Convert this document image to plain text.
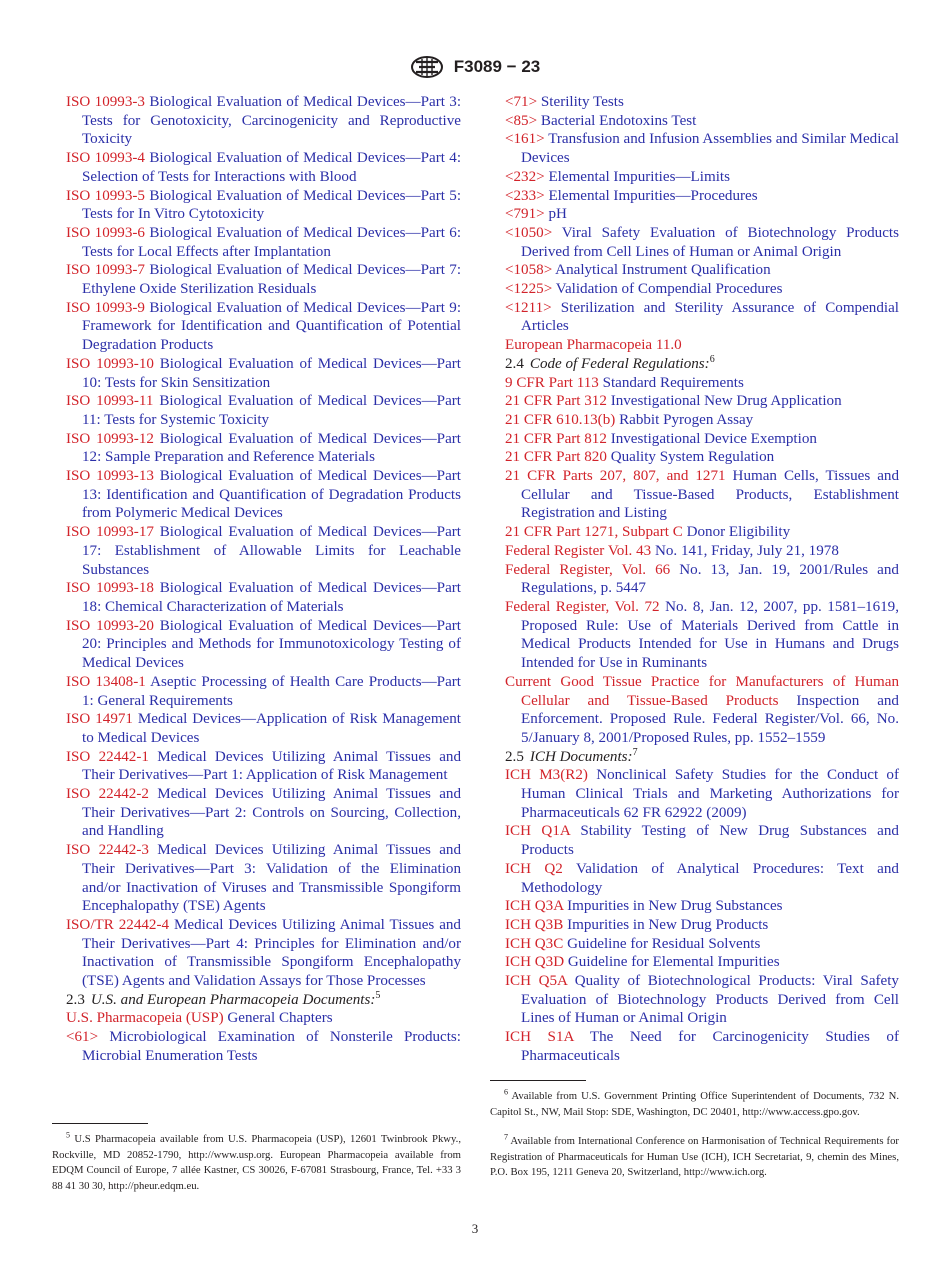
F3089 − 23
ISO 10993-3 Biological Evaluation of Medical Devices—Part 3: Tests for Genotoxicity, Carcinogenicity and Reproductive Toxicity
ISO 10993-4 Biological Evaluation of Medical Devices—Part 4: Selection of Tests for Interactions with Blood
ISO 10993-5 Biological Evaluation of Medical Devices—Part 5: Tests for In Vitro Cytotoxicity
ISO 10993-6 Biological Evaluation of Medical Devices—Part 6: Tests for Local Effects after Implantation
ISO 10993-7 Biological Evaluation of Medical Devices—Part 7: Ethylene Oxide Sterilization Residuals
ISO 10993-9 Biological Evaluation of Medical Devices—Part 9: Framework for Identification and Quantification of Potential Degradation Products
ISO 10993-10 Biological Evaluation of Medical Devices—Part 10: Tests for Skin Sensitization
ISO 10993-11 Biological Evaluation of Medical Devices—Part 11: Tests for Systemic Toxicity
ISO 10993-12 Biological Evaluation of Medical Devices—Part 12: Sample Preparation and Reference Materials
ISO 10993-13 Biological Evaluation of Medical Devices—Part 13: Identification and Quantification of Degradation Products from Polymeric Medical Devices
ISO 10993-17 Biological Evaluation of Medical Devices—Part 17: Establishment of Allowable Limits for Leachable Substances
ISO 10993-18 Biological Evaluation of Medical Devices—Part 18: Chemical Characterization of Materials
ISO 10993-20 Biological Evaluation of Medical Devices—Part 20: Principles and Methods for Immunotoxicology Testing of Medical Devices
ISO 13408-1 Aseptic Processing of Health Care Products—Part 1: General Requirements
ISO 14971 Medical Devices—Application of Risk Management to Medical Devices
ISO 22442-1 Medical Devices Utilizing Animal Tissues and Their Derivatives—Part 1: Application of Risk Management
ISO 22442-2 Medical Devices Utilizing Animal Tissues and Their Derivatives—Part 2: Controls on Sourcing, Collection, and Handling
ISO 22442-3 Medical Devices Utilizing Animal Tissues and Their Derivatives—Part 3: Validation of the Elimination and/or Inactivation of Viruses and Transmissible Spongiform Encephalopathy (TSE) Agents
ISO/TR 22442-4 Medical Devices Utilizing Animal Tissues and Their Derivatives—Part 4: Principles for Elimination and/or Inactivation of Transmissible Spongiform Encephalopathy (TSE) Agents and Validation Assays for Those Processes
2.3 U.S. and European Pharmacopeia Documents:$^5$
U.S. Pharmacopeia (USP) General Chapters
<61> Microbiological Examination of Nonsterile Products: Microbial Enumeration Tests
<71> Sterility Tests
<85> Bacterial Endotoxins Test
<161> Transfusion and Infusion Assemblies and Similar Medical Devices
<232> Elemental Impurities—Limits
<233> Elemental Impurities—Procedures
<791> pH
<1050> Viral Safety Evaluation of Biotechnology Products Derived from Cell Lines of Human or Animal Origin
<1058> Analytical Instrument Qualification
<1225> Validation of Compendial Procedures
<1211> Sterilization and Sterility Assurance of Compendial Articles
European Pharmacopeia 11.0
2.4 Code of Federal Regulations:$^6$
9 CFR Part 113 Standard Requirements
21 CFR Part 312 Investigational New Drug Application
21 CFR 610.13(b) Rabbit Pyrogen Assay
21 CFR Part 812 Investigational Device Exemption
21 CFR Part 820 Quality System Regulation
21 CFR Parts 207, 807, and 1271 Human Cells, Tissues and Cellular and Tissue-Based Products, Establishment Registration and Listing
21 CFR Part 1271, Subpart C Donor Eligibility
Federal Register Vol. 43 No. 141, Friday, July 21, 1978
Federal Register, Vol. 66 No. 13, Jan. 19, 2001/Rules and Regulations, p. 5447
Federal Register, Vol. 72 No. 8, Jan. 12, 2007, pp. 1581–1619, Proposed Rule: Use of Materials Derived from Cattle in Medical Products Intended for Use in Humans and Drugs Intended for Use in Ruminants
Current Good Tissue Practice for Manufacturers of Human Cellular and Tissue-Based Products Inspection and Enforcement. Proposed Rule. Federal Register/Vol. 66, No. 5/January 8, 2001/Proposed Rules, pp. 1552–1559
2.5 ICH Documents:$^7$
ICH M3(R2) Nonclinical Safety Studies for the Conduct of Human Clinical Trials and Marketing Authorizations for Pharmaceuticals 62 FR 62922 (2009)
ICH Q1A Stability Testing of New Drug Substances and Products
ICH Q2 Validation of Analytical Procedures: Text and Methodology
ICH Q3A Impurities in New Drug Substances
ICH Q3B Impurities in New Drug Products
ICH Q3C Guideline for Residual Solvents
ICH Q3D Guideline for Elemental Impurities
ICH Q5A Quality of Biotechnological Products: Viral Safety Evaluation of Biotechnology Products Derived from Cell Lines of Human or Animal Origin
ICH S1A The Need for Carcinogenicity Studies of Pharmaceuticals
$^5$ U.S Pharmacopeia available from U.S. Pharmacopeia (USP), 12601 Twinbrook Pkwy., Rockville, MD 20852-1790, http://www.usp.org. European Pharmacopeia available from EDQM Council of Europe, 7 allée Kastner, CS 30026, F-67081 Strasbourg, France, Tel. +33 3 88 41 30 30, http://pheur.edqm.eu.
$^6$ Available from U.S. Government Printing Office Superintendent of Documents, 732 N. Capitol St., NW, Mail Stop: SDE, Washington, DC 20401, http://www.access.gpo.gov.
$^7$ Available from International Conference on Harmonisation of Technical Requirements for Registration of Pharmaceuticals for Human Use (ICH), ICH Secretariat, 9, chemin des Mines, P.O. Box 195, 1211 Geneva 20, Switzerland, http://www.ich.org.
3
